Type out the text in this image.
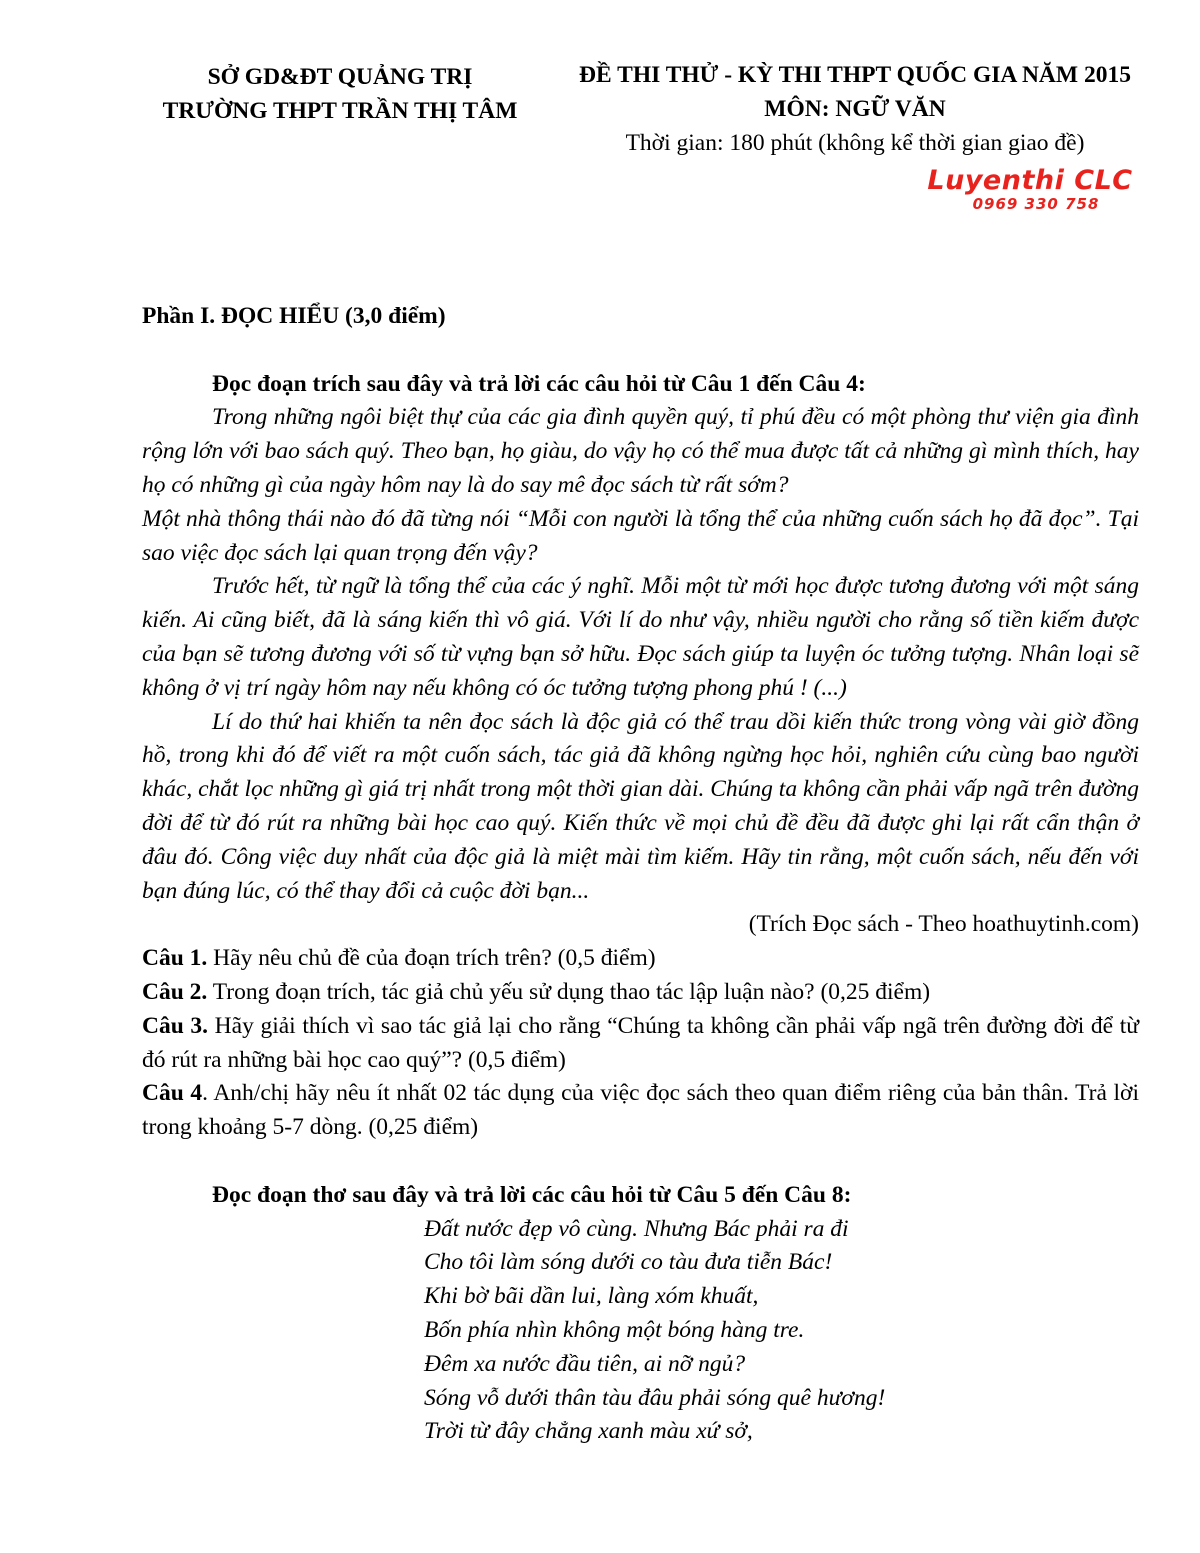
SỞ GD&ĐT QUẢNG TRỊ
TRƯỜNG THPT TRẦN THỊ TÂM
ĐỀ THI THỬ - KỲ THI THPT QUỐC GIA NĂM 2015
MÔN: NGỮ VĂN
Thời gian: 180 phút (không kể thời gian giao đề)
Luyenthi CLC
0969 330 758

Phần I. ĐỌC HIỂU (3,0 điểm)

Đọc đoạn trích sau đây và trả lời các câu hỏi từ Câu 1 đến Câu 4:

Trong những ngôi biệt thự của các gia đình quyền quý, tỉ phú đều có một phòng thư viện gia đình rộng lớn với bao sách quý. Theo bạn, họ giàu, do vậy họ có thể mua được tất cả những gì mình thích, hay họ có những gì của ngày hôm nay là do say mê đọc sách từ rất sớm?

Một nhà thông thái nào đó đã từng nói “Mỗi con người là tổng thể của những cuốn sách họ đã đọc”. Tại sao việc đọc sách lại quan trọng đến vậy?

Trước hết, từ ngữ là tổng thể của các ý nghĩ. Mỗi một từ mới học được tương đương với một sáng kiến. Ai cũng biết, đã là sáng kiến thì vô giá. Với lí do như vậy, nhiều người cho rằng số tiền kiếm được của bạn sẽ tương đương với số từ vựng bạn sở hữu. Đọc sách giúp ta luyện óc tưởng tượng. Nhân loại sẽ không ở vị trí ngày hôm nay nếu không có óc tưởng tượng phong phú ! (...)

Lí do thứ hai khiến ta nên đọc sách là độc giả có thể trau dồi kiến thức trong vòng vài giờ đồng hồ, trong khi đó để viết ra một cuốn sách, tác giả đã không ngừng học hỏi, nghiên cứu cùng bao người khác, chắt lọc những gì giá trị nhất trong một thời gian dài. Chúng ta không cần phải vấp ngã trên đường đời để từ đó rút ra những bài học cao quý. Kiến thức về mọi chủ đề đều đã được ghi lại rất cẩn thận ở đâu đó. Công việc duy nhất của độc giả là miệt mài tìm kiếm. Hãy tin rằng, một cuốn sách, nếu đến với bạn đúng lúc, có thể thay đổi cả cuộc đời bạn...

(Trích Đọc sách - Theo hoathuytinh.com)

Câu 1. Hãy nêu chủ đề của đoạn trích trên? (0,5 điểm)

Câu 2. Trong đoạn trích, tác giả chủ yếu sử dụng thao tác lập luận nào? (0,25 điểm)

Câu 3. Hãy giải thích vì sao tác giả lại cho rằng “Chúng ta không cần phải vấp ngã trên đường đời để từ đó rút ra những bài học cao quý”? (0,5 điểm)

Câu 4. Anh/chị hãy nêu ít nhất 02 tác dụng của việc đọc sách theo quan điểm riêng của bản thân. Trả lời trong khoảng 5-7 dòng. (0,25 điểm)

Đọc đoạn thơ sau đây và trả lời các câu hỏi từ Câu 5 đến Câu 8:

Đất nước đẹp vô cùng. Nhưng Bác phải ra đi
Cho tôi làm sóng dưới co tàu đưa tiễn Bác!
Khi bờ bãi dần lui, làng xóm khuất,
Bốn phía nhìn không một bóng hàng tre.
Đêm xa nước đầu tiên, ai nỡ ngủ?
Sóng vỗ dưới thân tàu đâu phải sóng quê hương!
Trời từ đây chẳng xanh màu xứ sở,
